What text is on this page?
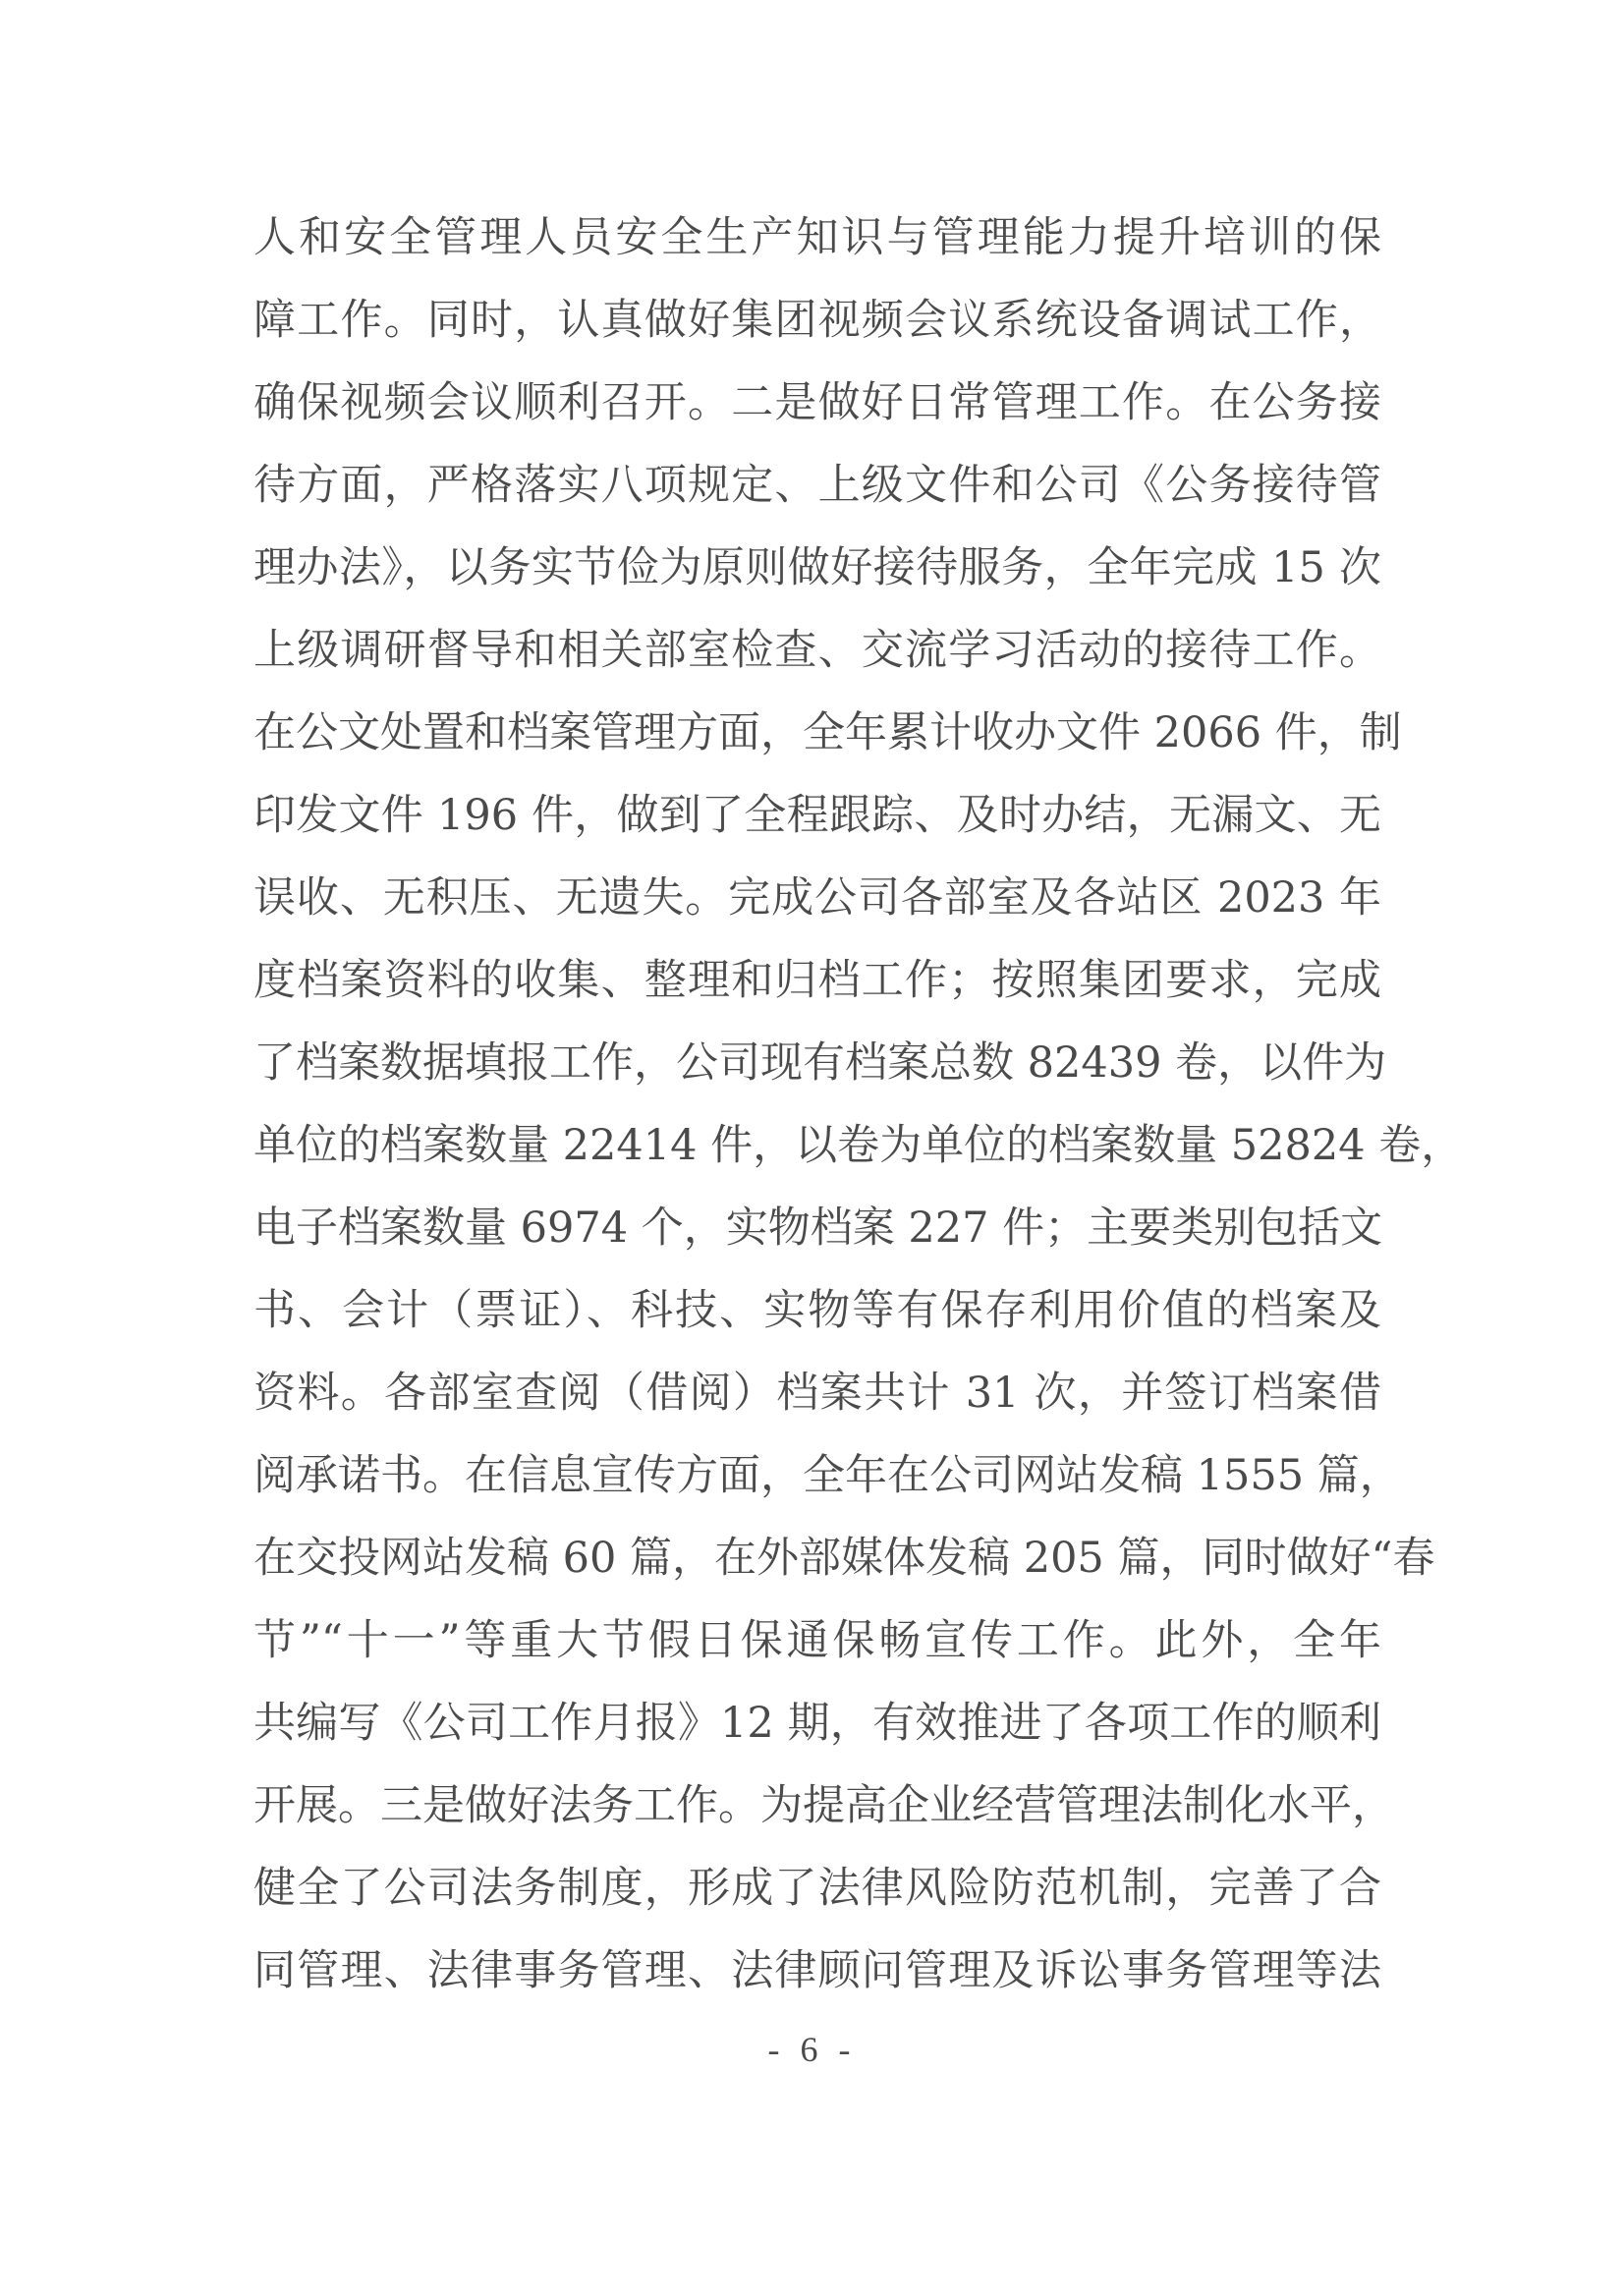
人和安全管理人员安全生产知识与管理能力提升培训的保
障工作。同时，认真做好集团视频会议系统设备调试工作，
确保视频会议顺利召开。二是做好日常管理工作。在公务接
待方面，严格落实八项规定、上级文件和公司《公务接待管
理办法》，以务实节俭为原则做好接待服务，全年完成 15 次
上级调研督导和相关部室检查、交流学习活动的接待工作。
在公文处置和档案管理方面，全年累计收办文件 2066 件，制
印发文件 196 件，做到了全程跟踪、及时办结，无漏文、无
误收、无积压、无遗失。完成公司各部室及各站区 2023 年
度档案资料的收集、整理和归档工作；按照集团要求，完成
了档案数据填报工作，公司现有档案总数 82439 卷，以件为
单位的档案数量 22414 件，以卷为单位的档案数量 52824 卷，
电子档案数量 6974 个，实物档案 227 件；主要类别包括文
书、会计（票证）、科技、实物等有保存利用价值的档案及
资料。各部室查阅（借阅）档案共计 31 次，并签订档案借
阅承诺书。在信息宣传方面，全年在公司网站发稿 1555 篇，
在交投网站发稿 60 篇，在外部媒体发稿 205 篇，同时做好“春
节”“十一”等重大节假日保通保畅宣传工作。此外，全年
共编写《公司工作月报》12 期，有效推进了各项工作的顺利
开展。三是做好法务工作。为提高企业经营管理法制化水平，
健全了公司法务制度，形成了法律风险防范机制，完善了合
同管理、法律事务管理、法律顾问管理及诉讼事务管理等法
- 6 -
